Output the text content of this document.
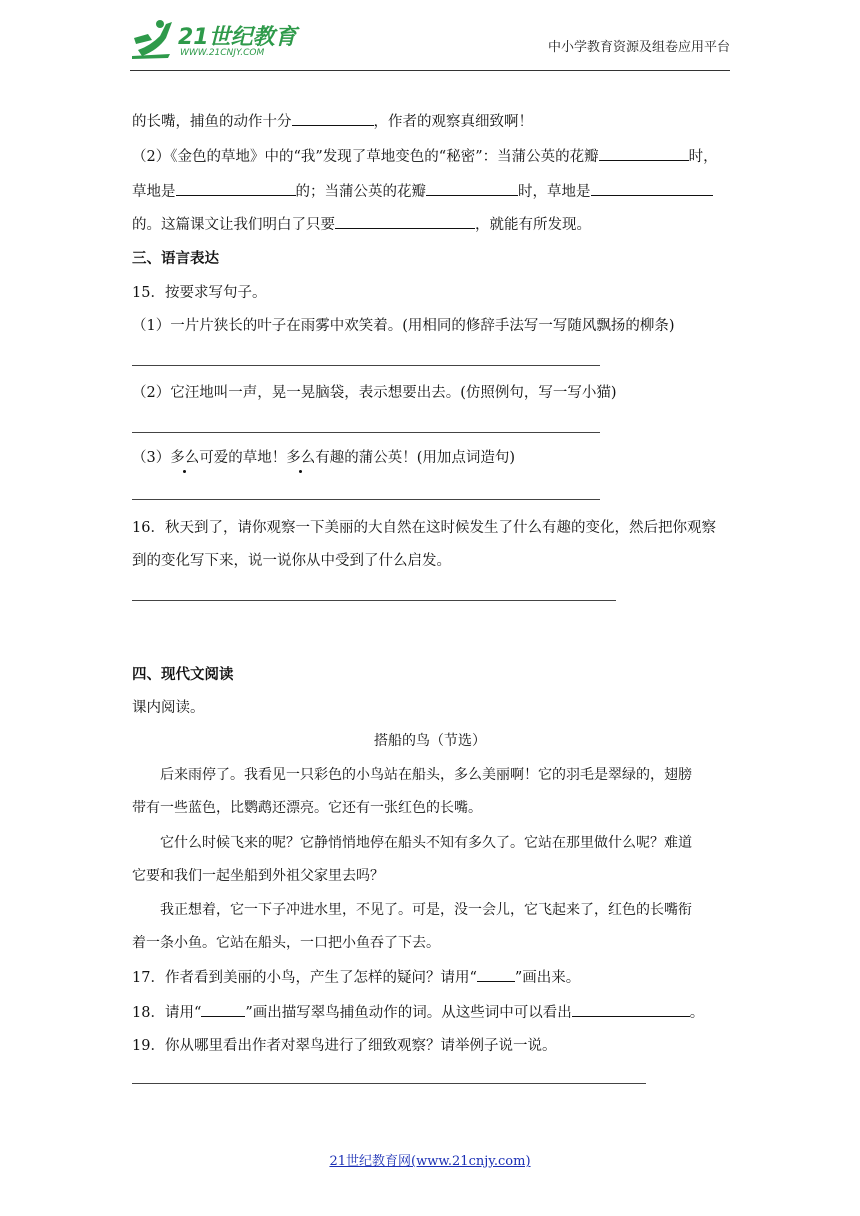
21世纪教育
WWW.21CNJY.COM	中小学教育资源及组卷应用平台
的长嘴，捕鱼的动作十分	，作者的观察真细致啊！
（2）《金色的草地》中的“我”发现了草地变色的“秘密”：当蒲公英的花瓣	时，
草地是	的；当蒲公英的花瓣	时，草地是
的。这篇课文让我们明白了只要	，就能有所发现。
三、语言表达
15．按要求写句子。
（1）一片片狭长的叶子在雨雾中欢笑着。(用相同的修辞手法写一写随风飘扬的柳条)
（2）它汪地叫一声，晃一晃脑袋，表示想要出去。(仿照例句，写一写小猫)
（3）多么可爱的草地！多么有趣的蒲公英！(用加点词造句)
16．秋天到了，请你观察一下美丽的大自然在这时候发生了什么有趣的变化，然后把你观察
到的变化写下来，说一说你从中受到了什么启发。
四、现代文阅读
课内阅读。
搭船的鸟（节选）
后来雨停了。我看见一只彩色的小鸟站在船头，多么美丽啊！它的羽毛是翠绿的，翅膀
带有一些蓝色，比鹦鹉还漂亮。它还有一张红色的长嘴。
它什么时候飞来的呢？它静悄悄地停在船头不知有多久了。它站在那里做什么呢？难道
它要和我们一起坐船到外祖父家里去吗？
我正想着，它一下子冲进水里，不见了。可是，没一会儿，它飞起来了，红色的长嘴衔
着一条小鱼。它站在船头，一口把小鱼吞了下去。
17．作者看到美丽的小鸟，产生了怎样的疑问？请用“	”画出来。
18．请用“	”画出描写翠鸟捕鱼动作的词。从这些词中可以看出	。
19．你从哪里看出作者对翠鸟进行了细致观察？请举例子说一说。
21世纪教育网(www.21cnjy.com)
